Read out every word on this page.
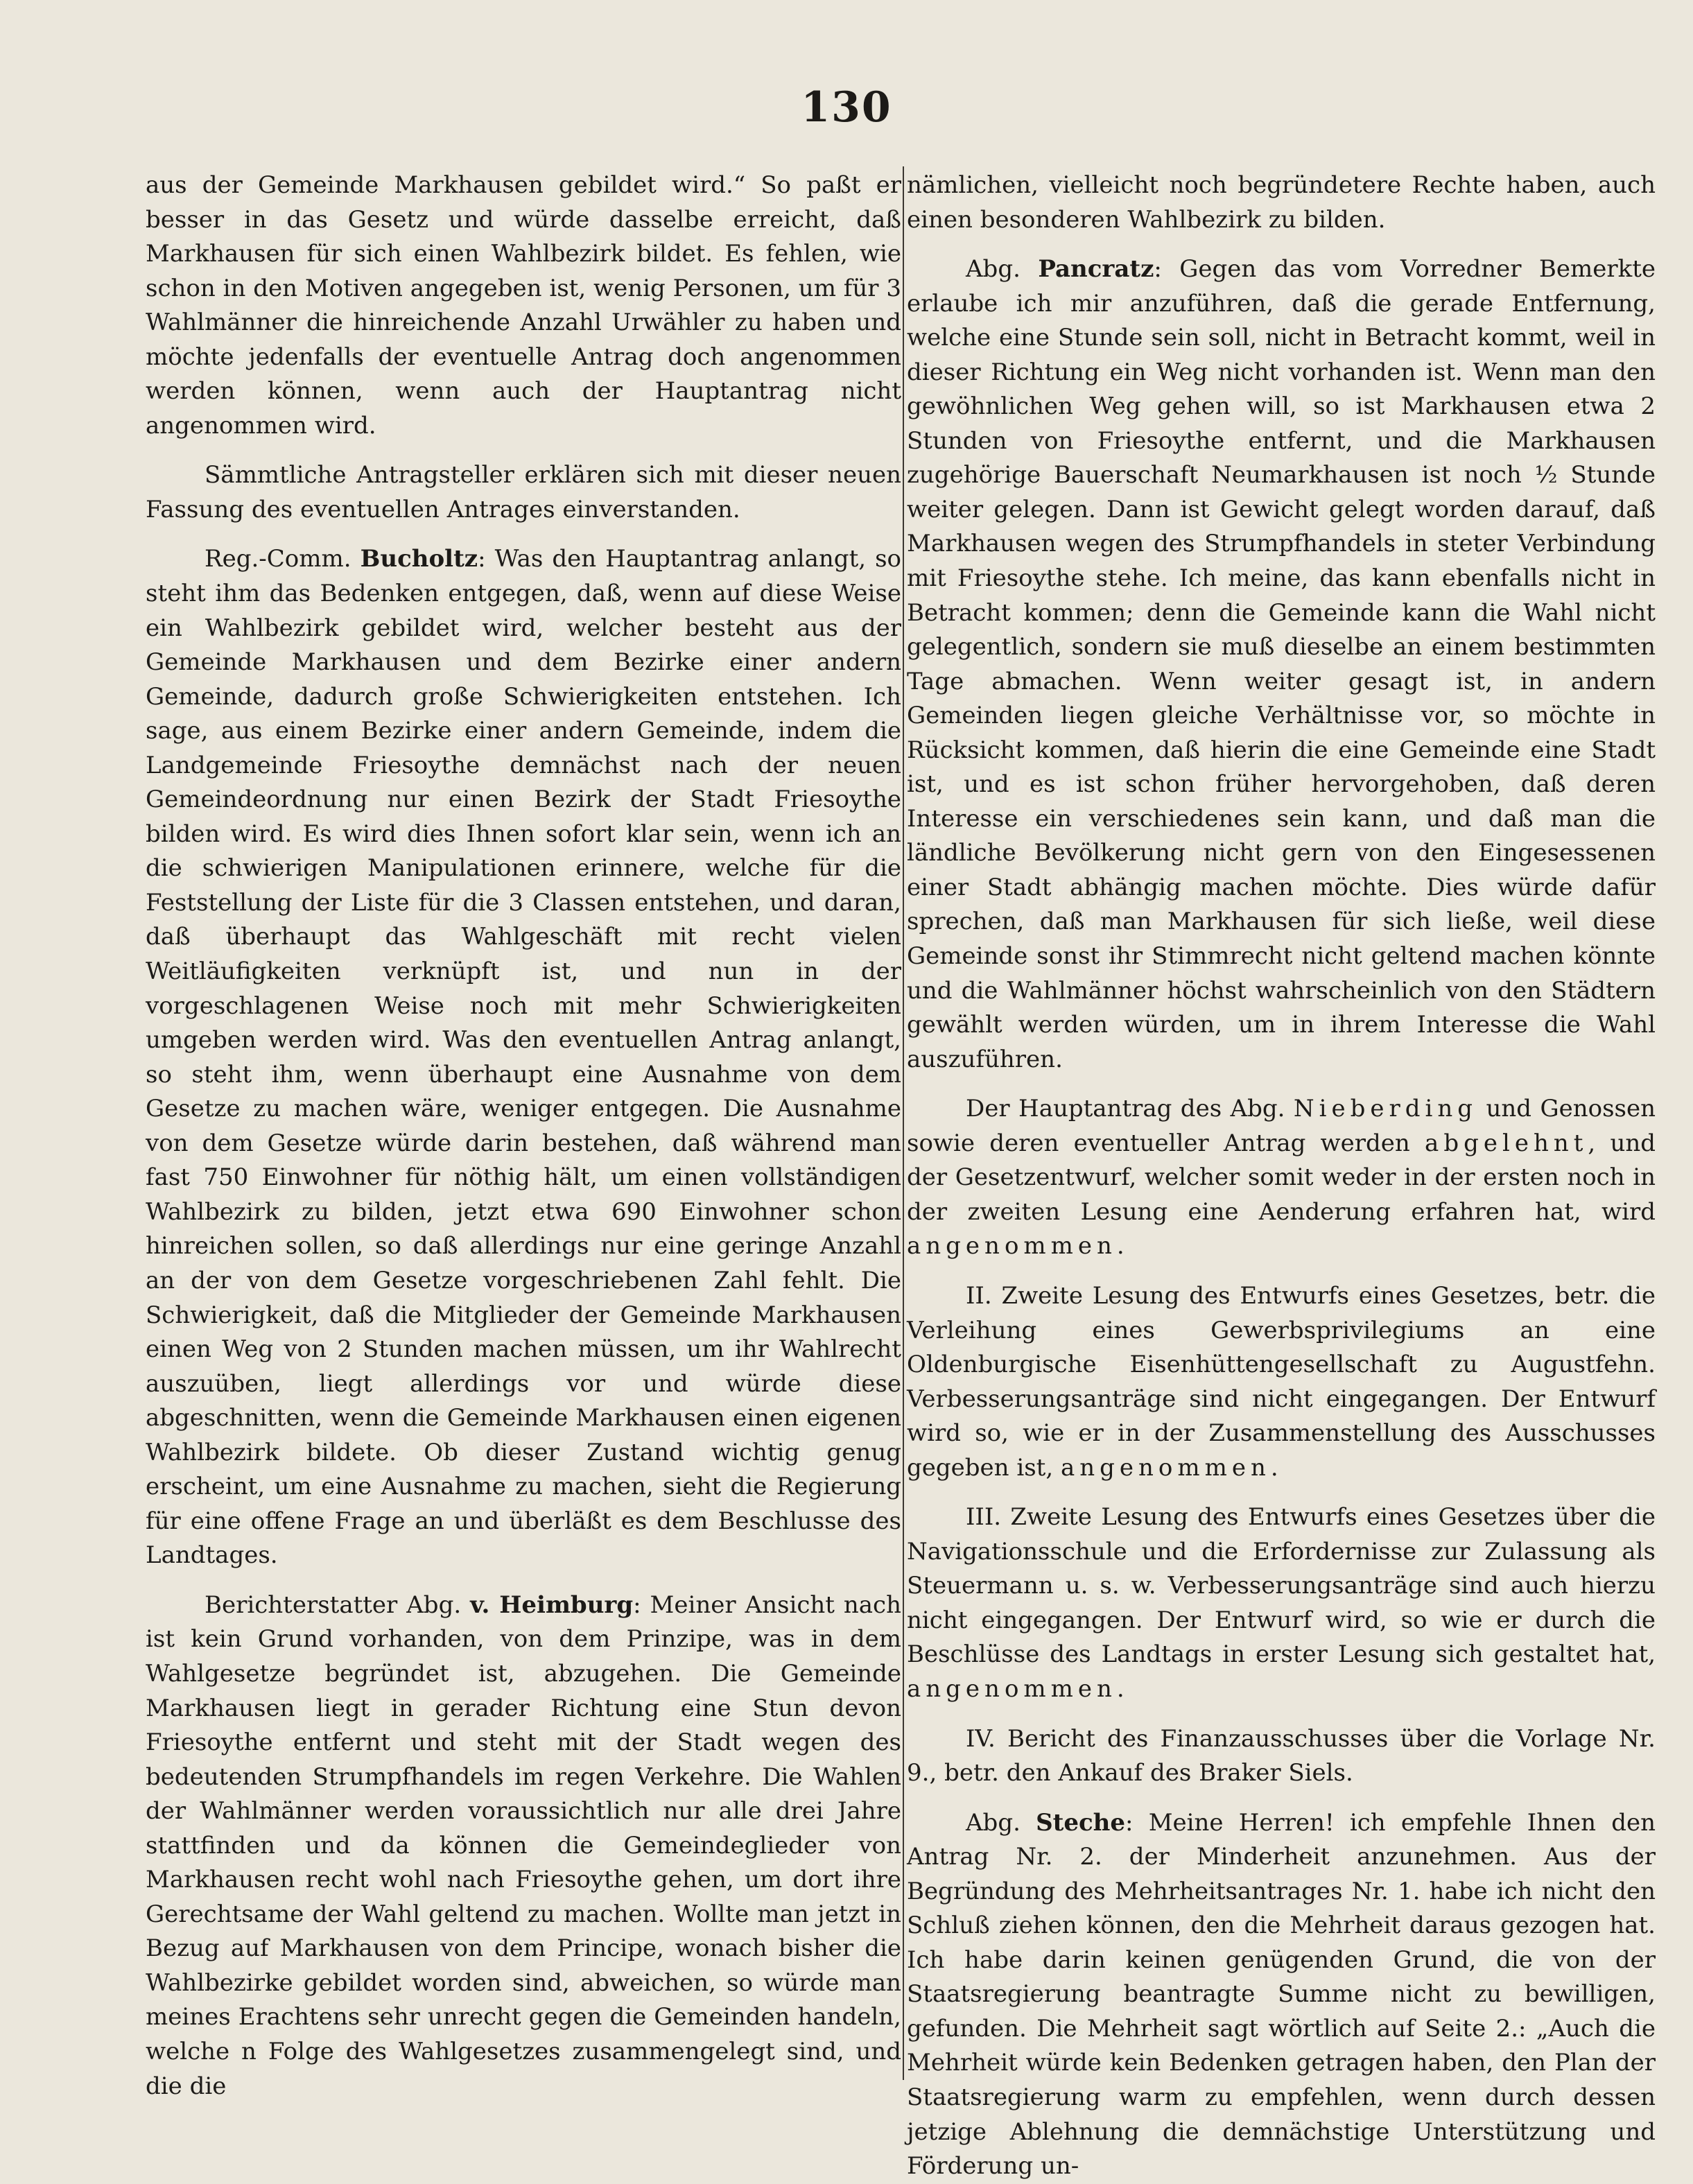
130

aus der Gemeinde Markhausen gebildet wird.“ So paßt er besser in das Gesetz und würde dasselbe erreicht, daß Markhausen für sich einen Wahlbezirk bildet. Es fehlen, wie schon in den Motiven angegeben ist, wenig Personen, um für 3 Wahlmänner die hinreichende Anzahl Urwähler zu haben und möchte jedenfalls der eventuelle Antrag doch angenommen werden können, wenn auch der Hauptantrag nicht angenommen wird.

Sämmtliche Antragsteller erklären sich mit dieser neuen Fassung des eventuellen Antrages einverstanden.

Reg.-Comm. Bucholtz: Was den Hauptantrag anlangt, so steht ihm das Bedenken entgegen, daß, wenn auf diese Weise ein Wahlbezirk gebildet wird, welcher besteht aus der Gemeinde Markhausen und dem Bezirke einer andern Gemeinde, dadurch große Schwierigkeiten entstehen. Ich sage, aus einem Bezirke einer andern Gemeinde, indem die Landgemeinde Friesoythe demnächst nach der neuen Gemeindeordnung nur einen Bezirk der Stadt Friesoythe bilden wird. Es wird dies Ihnen sofort klar sein, wenn ich an die schwierigen Manipulationen erinnere, welche für die Feststellung der Liste für die 3 Classen entstehen, und daran, daß überhaupt das Wahlgeschäft mit recht vielen Weitläufigkeiten verknüpft ist, und nun in der vorgeschlagenen Weise noch mit mehr Schwierigkeiten umgeben werden wird. Was den eventuellen Antrag anlangt, so steht ihm, wenn überhaupt eine Ausnahme von dem Gesetze zu machen wäre, weniger entgegen. Die Ausnahme von dem Gesetze würde darin bestehen, daß während man fast 750 Einwohner für nöthig hält, um einen vollständigen Wahlbezirk zu bilden, jetzt etwa 690 Einwohner schon hinreichen sollen, so daß allerdings nur eine geringe Anzahl an der von dem Gesetze vorgeschriebenen Zahl fehlt. Die Schwierigkeit, daß die Mitglieder der Gemeinde Markhausen einen Weg von 2 Stunden machen müssen, um ihr Wahlrecht auszuüben, liegt allerdings vor und würde diese abgeschnitten, wenn die Gemeinde Markhausen einen eigenen Wahlbezirk bildete. Ob dieser Zustand wichtig genug erscheint, um eine Ausnahme zu machen, sieht die Regierung für eine offene Frage an und überläßt es dem Beschlusse des Landtages.

Berichterstatter Abg. v. Heimburg: Meiner Ansicht nach ist kein Grund vorhanden, von dem Prinzipe, was in dem Wahlgesetze begründet ist, abzugehen. Die Gemeinde Markhausen liegt in gerader Richtung eine Stun devon Friesoythe entfernt und steht mit der Stadt wegen des bedeutenden Strumpfhandels im regen Verkehre. Die Wahlen der Wahlmänner werden voraussichtlich nur alle drei Jahre stattfinden und da können die Gemeindeglieder von Markhausen recht wohl nach Friesoythe gehen, um dort ihre Gerechtsame der Wahl geltend zu machen. Wollte man jetzt in Bezug auf Markhausen von dem Principe, wonach bisher die Wahlbezirke gebildet worden sind, abweichen, so würde man meines Erachtens sehr unrecht gegen die Gemeinden handeln, welche n Folge des Wahlgesetzes zusammengelegt sind, und die die

nämlichen, vielleicht noch begründetere Rechte haben, auch einen besonderen Wahlbezirk zu bilden.

Abg. Pancratz: Gegen das vom Vorredner Bemerkte erlaube ich mir anzuführen, daß die gerade Entfernung, welche eine Stunde sein soll, nicht in Betracht kommt, weil in dieser Richtung ein Weg nicht vorhanden ist. Wenn man den gewöhnlichen Weg gehen will, so ist Markhausen etwa 2 Stunden von Friesoythe entfernt, und die Markhausen zugehörige Bauerschaft Neumarkhausen ist noch ½ Stunde weiter gelegen. Dann ist Gewicht gelegt worden darauf, daß Markhausen wegen des Strumpfhandels in steter Verbindung mit Friesoythe stehe. Ich meine, das kann ebenfalls nicht in Betracht kommen; denn die Gemeinde kann die Wahl nicht gelegentlich, sondern sie muß dieselbe an einem bestimmten Tage abmachen. Wenn weiter gesagt ist, in andern Gemeinden liegen gleiche Verhältnisse vor, so möchte in Rücksicht kommen, daß hierin die eine Gemeinde eine Stadt ist, und es ist schon früher hervorgehoben, daß deren Interesse ein verschiedenes sein kann, und daß man die ländliche Bevölkerung nicht gern von den Eingesessenen einer Stadt abhängig machen möchte. Dies würde dafür sprechen, daß man Markhausen für sich ließe, weil diese Gemeinde sonst ihr Stimmrecht nicht geltend machen könnte und die Wahlmänner höchst wahrscheinlich von den Städtern gewählt werden würden, um in ihrem Interesse die Wahl auszuführen.

Der Hauptantrag des Abg. Nieberding und Genossen sowie deren eventueller Antrag werden abgelehnt, und der Gesetzentwurf, welcher somit weder in der ersten noch in der zweiten Lesung eine Aenderung erfahren hat, wird angenommen.

II. Zweite Lesung des Entwurfs eines Gesetzes, betr. die Verleihung eines Gewerbsprivilegiums an eine Oldenburgische Eisenhüttengesellschaft zu Augustfehn. Verbesserungsanträge sind nicht eingegangen. Der Entwurf wird so, wie er in der Zusammenstellung des Ausschusses gegeben ist, angenommen.

III. Zweite Lesung des Entwurfs eines Gesetzes über die Navigationsschule und die Erfordernisse zur Zulassung als Steuermann u. s. w. Verbesserungsanträge sind auch hierzu nicht eingegangen. Der Entwurf wird, so wie er durch die Beschlüsse des Landtags in erster Lesung sich gestaltet hat, angenommen.

IV. Bericht des Finanzausschusses über die Vorlage Nr. 9., betr. den Ankauf des Braker Siels.

Abg. Steche: Meine Herren! ich empfehle Ihnen den Antrag Nr. 2. der Minderheit anzunehmen. Aus der Begründung des Mehrheitsantrages Nr. 1. habe ich nicht den Schluß ziehen können, den die Mehrheit daraus gezogen hat. Ich habe darin keinen genügenden Grund, die von der Staatsregierung beantragte Summe nicht zu bewilligen, gefunden. Die Mehrheit sagt wörtlich auf Seite 2.: „Auch die Mehrheit würde kein Bedenken getragen haben, den Plan der Staatsregierung warm zu empfehlen, wenn durch dessen jetzige Ablehnung die demnächstige Unterstützung und Förderung un-
